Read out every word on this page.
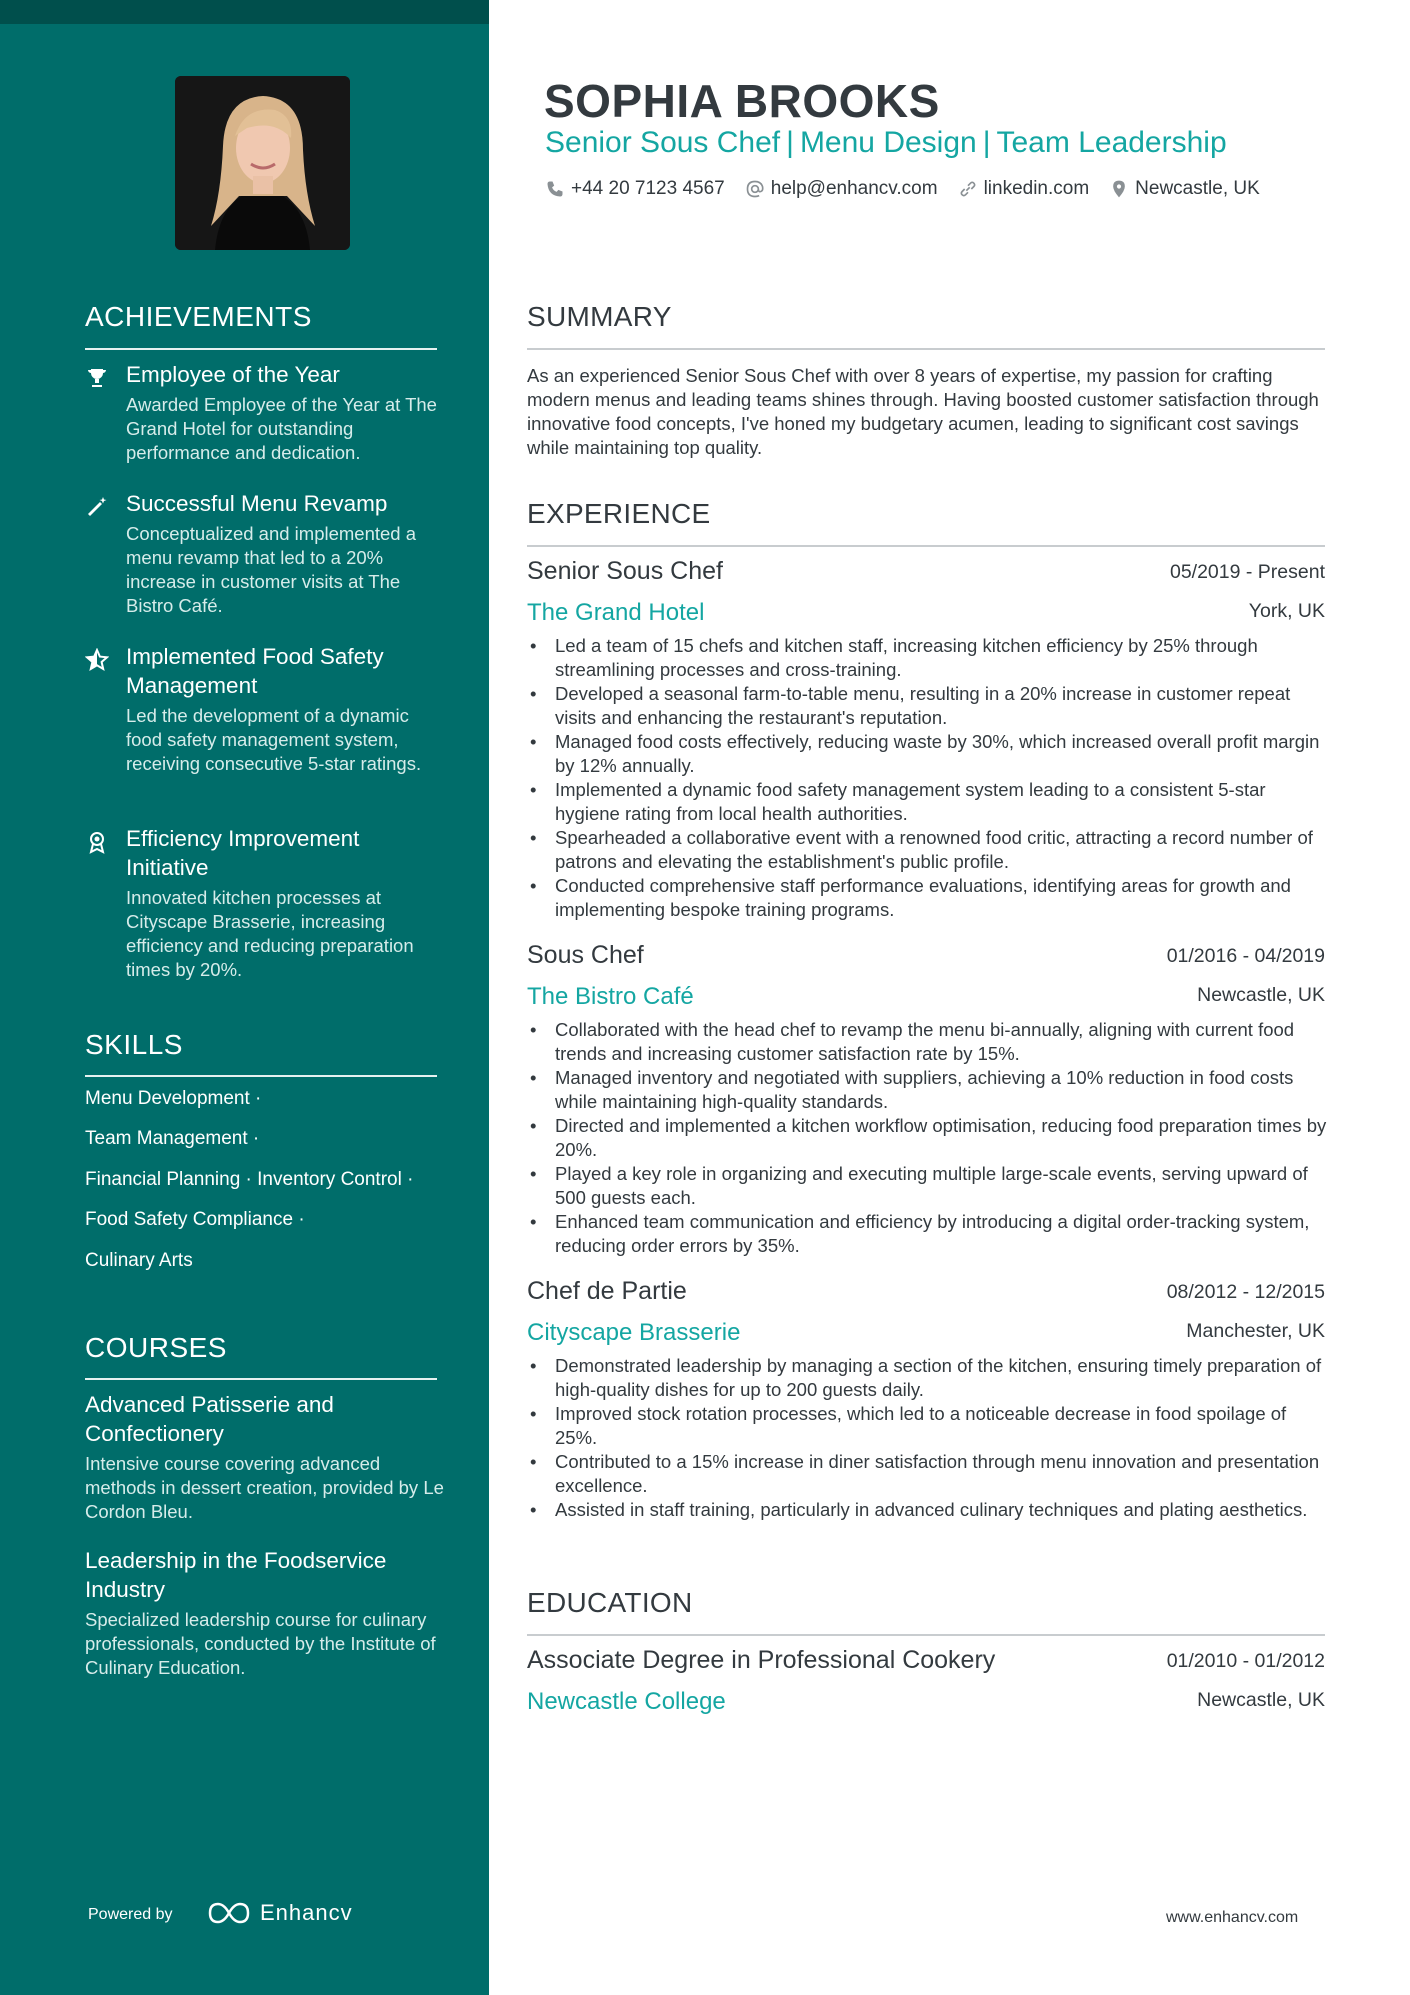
ACHIEVEMENTS
Employee of the Year
Awarded Employee of the Year at The Grand Hotel for outstanding performance and dedication.
Successful Menu Revamp
Conceptualized and implemented a menu revamp that led to a 20% increase in customer visits at The Bistro Café.
Implemented Food Safety Management
Led the development of a dynamic food safety management system, receiving consecutive 5-star ratings.
Efficiency Improvement Initiative
Innovated kitchen processes at Cityscape Brasserie, increasing efficiency and reducing preparation times by 20%.
SKILLS
Menu Development ·
Team Management ·
Financial Planning · Inventory Control ·
Food Safety Compliance ·
Culinary Arts
COURSES
Advanced Patisserie and Confectionery
Intensive course covering advanced methods in dessert creation, provided by Le Cordon Bleu.
Leadership in the Foodservice Industry
Specialized leadership course for culinary professionals, conducted by the Institute of Culinary Education.
Powered by	Enhancv
SOPHIA BROOKS
Senior Sous Chef | Menu Design | Team Leadership
+44 20 7123 4567 help@enhancv.com linkedin.com Newcastle, UK
SUMMARY
As an experienced Senior Sous Chef with over 8 years of expertise, my passion for crafting modern menus and leading teams shines through. Having boosted customer satisfaction through innovative food concepts, I've honed my budgetary acumen, leading to significant cost savings while maintaining top quality.
EXPERIENCE
Senior Sous Chef	05/2019 - Present
The Grand Hotel	York, UK
• Led a team of 15 chefs and kitchen staff, increasing kitchen efficiency by 25% through streamlining processes and cross-training.
• Developed a seasonal farm-to-table menu, resulting in a 20% increase in customer repeat visits and enhancing the restaurant's reputation.
• Managed food costs effectively, reducing waste by 30%, which increased overall profit margin by 12% annually.
• Implemented a dynamic food safety management system leading to a consistent 5-star hygiene rating from local health authorities.
• Spearheaded a collaborative event with a renowned food critic, attracting a record number of patrons and elevating the establishment's public profile.
• Conducted comprehensive staff performance evaluations, identifying areas for growth and implementing bespoke training programs.
Sous Chef	01/2016 - 04/2019
The Bistro Café	Newcastle, UK
• Collaborated with the head chef to revamp the menu bi-annually, aligning with current food trends and increasing customer satisfaction rate by 15%.
• Managed inventory and negotiated with suppliers, achieving a 10% reduction in food costs while maintaining high-quality standards.
• Directed and implemented a kitchen workflow optimisation, reducing food preparation times by 20%.
• Played a key role in organizing and executing multiple large-scale events, serving upward of 500 guests each.
• Enhanced team communication and efficiency by introducing a digital order-tracking system, reducing order errors by 35%.
Chef de Partie	08/2012 - 12/2015
Cityscape Brasserie	Manchester, UK
• Demonstrated leadership by managing a section of the kitchen, ensuring timely preparation of high-quality dishes for up to 200 guests daily.
• Improved stock rotation processes, which led to a noticeable decrease in food spoilage of 25%.
• Contributed to a 15% increase in diner satisfaction through menu innovation and presentation excellence.
• Assisted in staff training, particularly in advanced culinary techniques and plating aesthetics.
EDUCATION
Associate Degree in Professional Cookery	01/2010 - 01/2012
Newcastle College	Newcastle, UK
www.enhancv.com
